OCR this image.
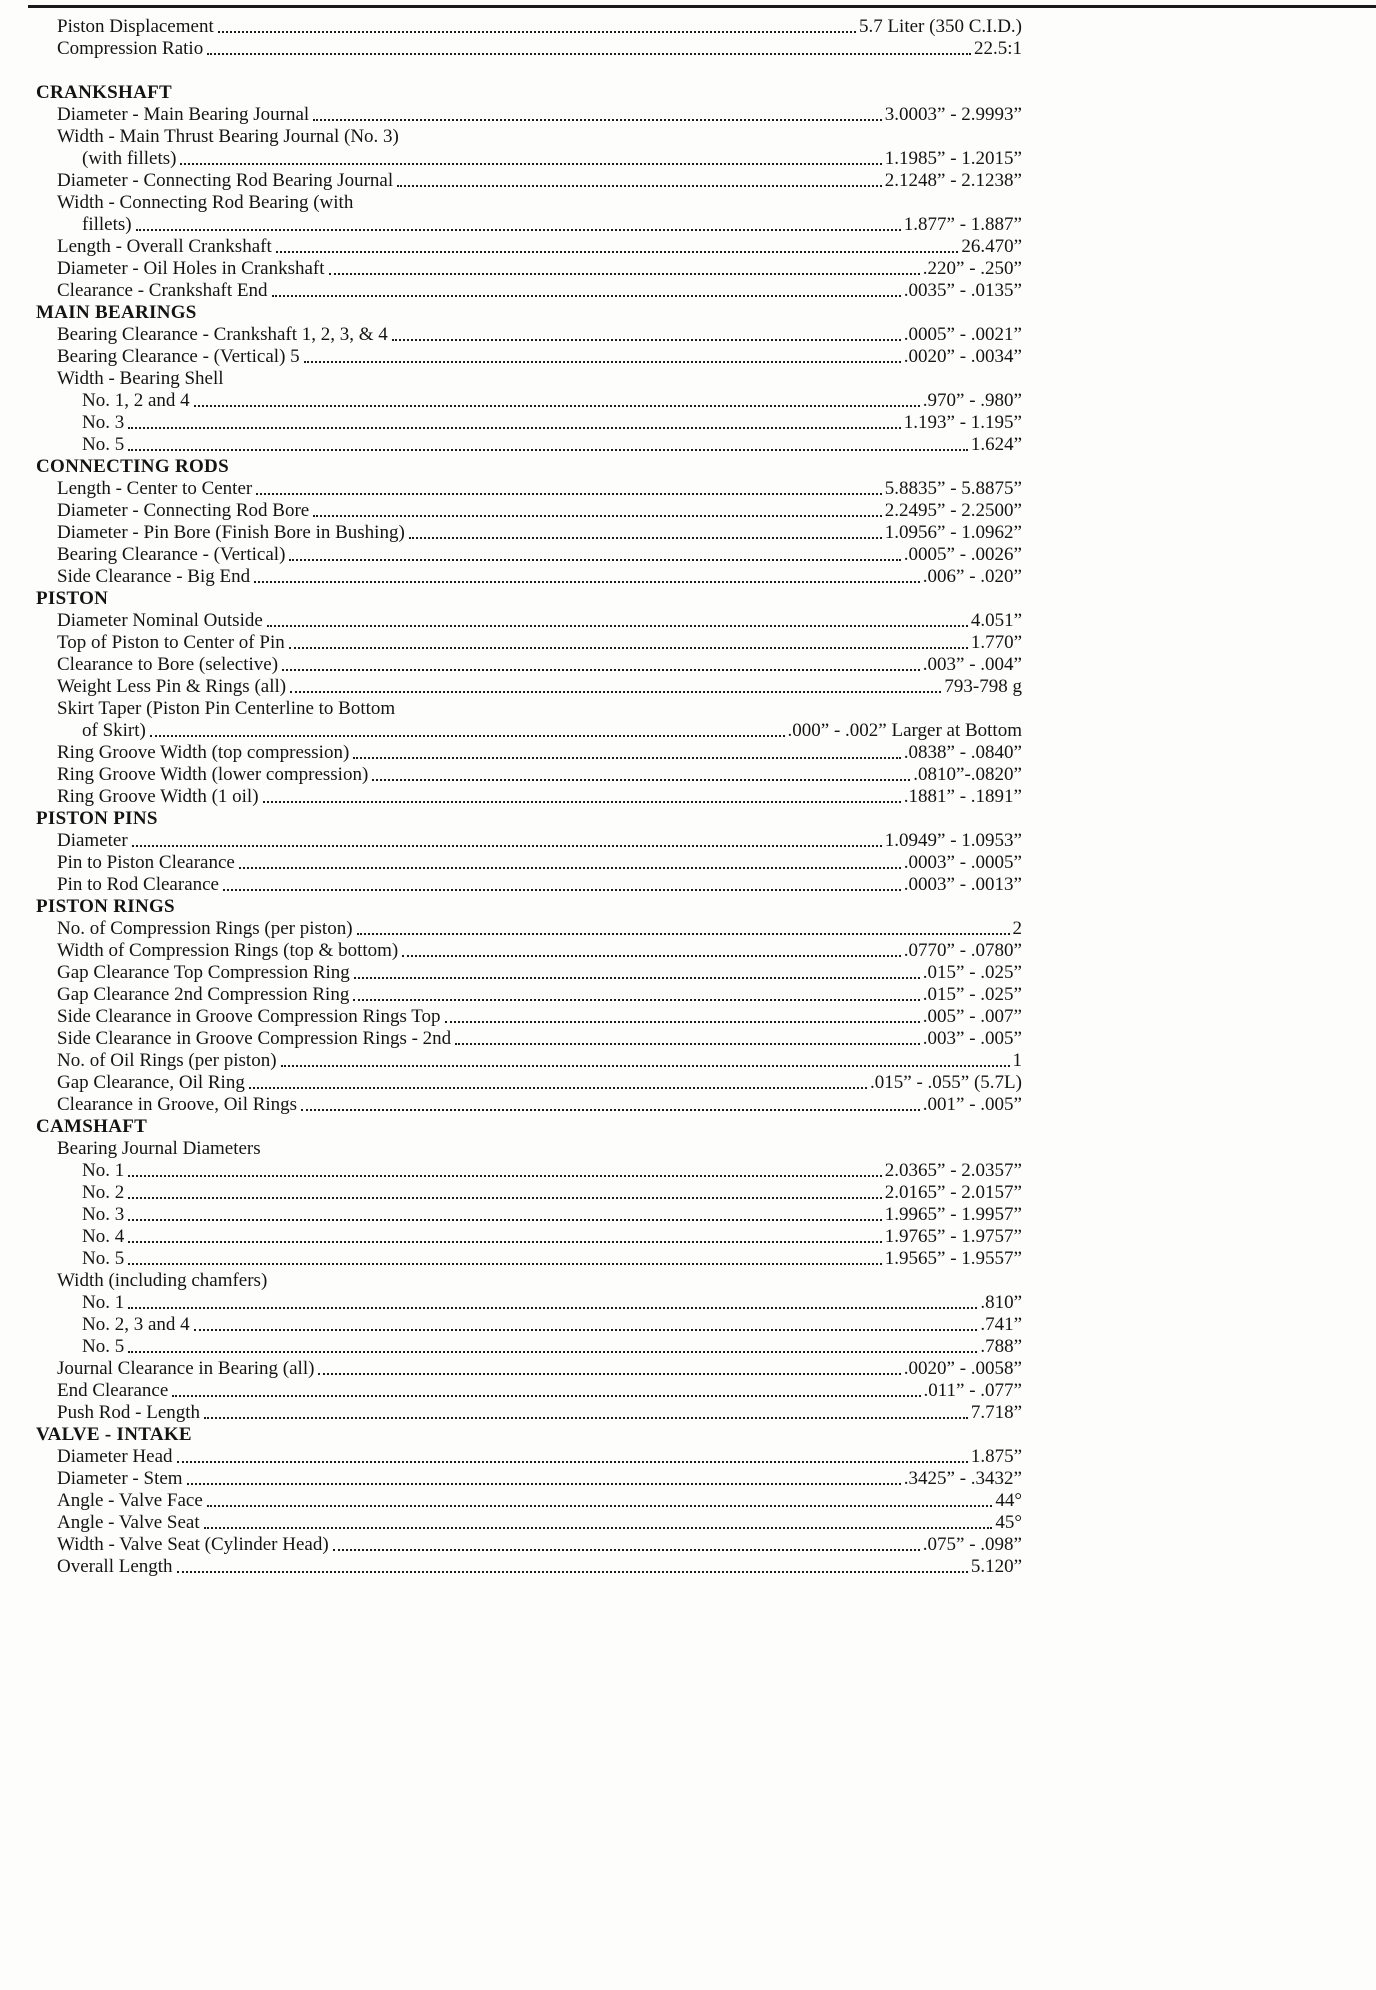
Piston Displacement	5.7 Liter (350 C.I.D.)
Compression Ratio	22.5:1
CRANKSHAFT
Diameter - Main Bearing Journal	3.0003” - 2.9993”
Width - Main Thrust Bearing Journal (No. 3)
(with fillets)	1.1985” - 1.2015”
Diameter - Connecting Rod Bearing Journal	2.1248” - 2.1238”
Width - Connecting Rod Bearing (with
fillets)	1.877” - 1.887”
Length - Overall Crankshaft	26.470”
Diameter - Oil Holes in Crankshaft	.220” - .250”
Clearance - Crankshaft End	.0035” - .0135”
MAIN BEARINGS
Bearing Clearance - Crankshaft 1, 2, 3, & 4	.0005” - .0021”
Bearing Clearance - (Vertical) 5	.0020” - .0034”
Width - Bearing Shell
No. 1, 2 and 4	.970” - .980”
No. 3	1.193” - 1.195”
No. 5	1.624”
CONNECTING RODS
Length - Center to Center	5.8835” - 5.8875”
Diameter - Connecting Rod Bore	2.2495” - 2.2500”
Diameter - Pin Bore (Finish Bore in Bushing)	1.0956” - 1.0962”
Bearing Clearance - (Vertical)	.0005” - .0026”
Side Clearance - Big End	.006” - .020”
PISTON
Diameter Nominal Outside	4.051”
Top of Piston to Center of Pin	1.770”
Clearance to Bore (selective)	.003” - .004”
Weight Less Pin & Rings (all)	793-798 g
Skirt Taper (Piston Pin Centerline to Bottom
of Skirt)	.000” - .002” Larger at Bottom
Ring Groove Width (top compression)	.0838” - .0840”
Ring Groove Width (lower compression)	.0810”-.0820”
Ring Groove Width (1 oil)	.1881” - .1891”
PISTON PINS
Diameter	1.0949” - 1.0953”
Pin to Piston Clearance	.0003” - .0005”
Pin to Rod Clearance	.0003” - .0013”
PISTON RINGS
No. of Compression Rings (per piston)	2
Width of Compression Rings (top & bottom)	.0770” - .0780”
Gap Clearance Top Compression Ring	.015” - .025”
Gap Clearance 2nd Compression Ring	.015” - .025”
Side Clearance in Groove Compression Rings Top	.005” - .007”
Side Clearance in Groove Compression Rings - 2nd	.003” - .005”
No. of Oil Rings (per piston)	1
Gap Clearance, Oil Ring	.015” - .055” (5.7L)
Clearance in Groove, Oil Rings	.001” - .005”
CAMSHAFT
Bearing Journal Diameters
No. 1	2.0365” - 2.0357”
No. 2	2.0165” - 2.0157”
No. 3	1.9965” - 1.9957”
No. 4	1.9765” - 1.9757”
No. 5	1.9565” - 1.9557”
Width (including chamfers)
No. 1	.810”
No. 2, 3 and 4	.741”
No. 5	.788”
Journal Clearance in Bearing (all)	.0020” - .0058”
End Clearance	.011” - .077”
Push Rod - Length	7.718”
VALVE - INTAKE
Diameter Head	1.875”
Diameter - Stem	.3425” - .3432”
Angle - Valve Face	44°
Angle - Valve Seat	45°
Width - Valve Seat (Cylinder Head)	.075” - .098”
Overall Length	5.120”
